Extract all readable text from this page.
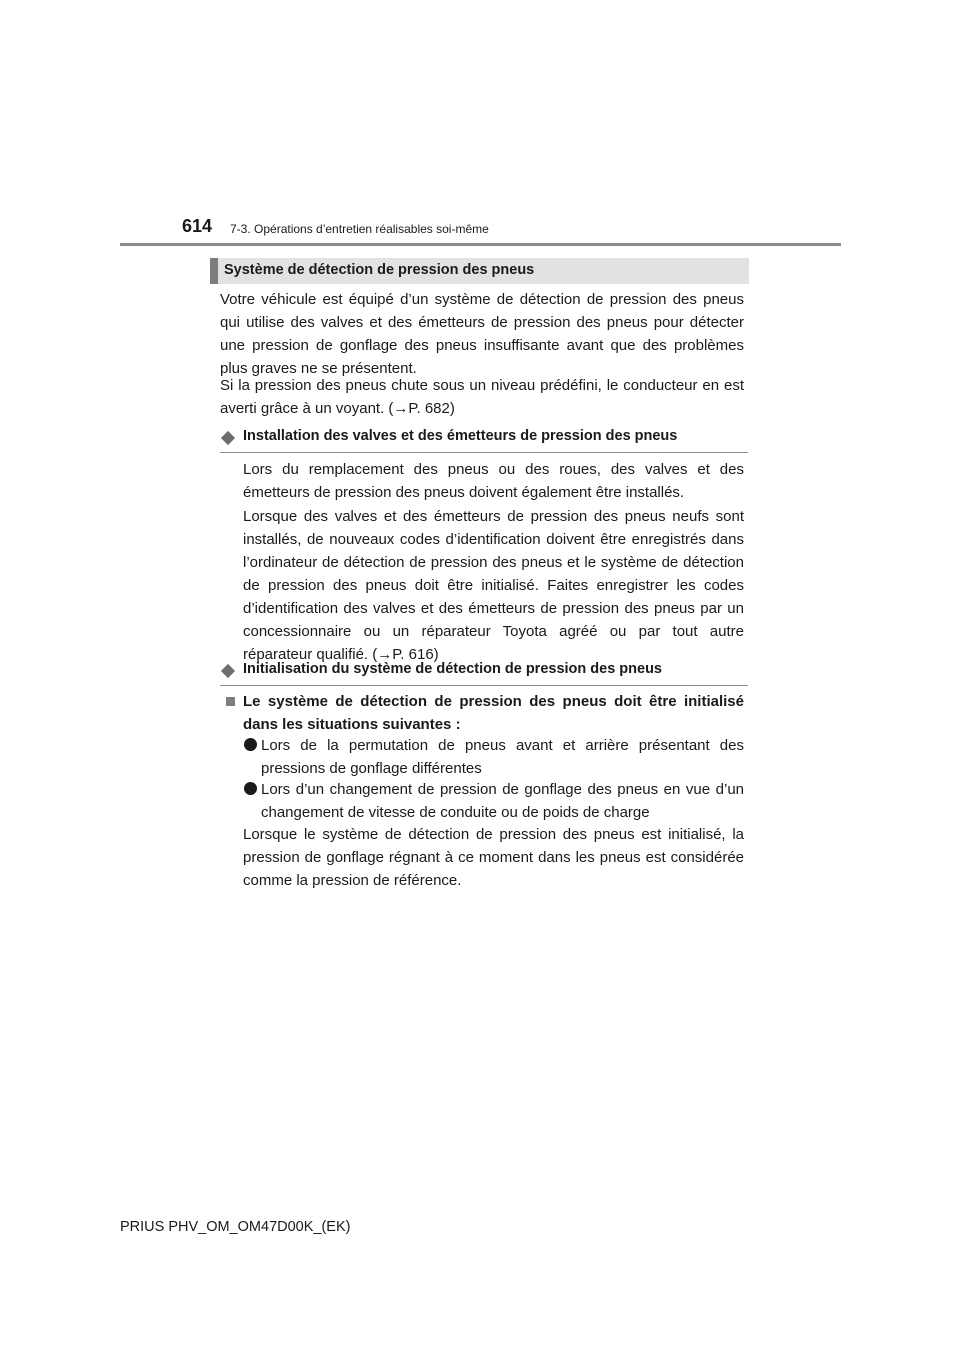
614 7-3. Opérations d’entretien réalisables soi-même
Système de détection de pression des pneus
Votre véhicule est équipé d’un système de détection de pression des pneus qui utilise des valves et des émetteurs de pression des pneus pour détecter une pression de gonflage des pneus insuffisante avant que des problèmes plus graves ne se présentent.
Si la pression des pneus chute sous un niveau prédéfini, le conducteur en est averti grâce à un voyant. (→P. 682)
Installation des valves et des émetteurs de pression des pneus
Lors du remplacement des pneus ou des roues, des valves et des émetteurs de pression des pneus doivent également être installés.
Lorsque des valves et des émetteurs de pression des pneus neufs sont installés, de nouveaux codes d’identification doivent être enregistrés dans l’ordinateur de détection de pression des pneus et le système de détection de pression des pneus doit être initialisé. Faites enregistrer les codes d’identification des valves et des émetteurs de pression des pneus par un concessionnaire ou un réparateur Toyota agréé ou par tout autre réparateur qualifié. (→P. 616)
Initialisation du système de détection de pression des pneus
Le système de détection de pression des pneus doit être initialisé dans les situations suivantes :
Lors de la permutation de pneus avant et arrière présentant des pressions de gonflage différentes
Lors d’un changement de pression de gonflage des pneus en vue d’un changement de vitesse de conduite ou de poids de charge
Lorsque le système de détection de pression des pneus est initialisé, la pression de gonflage régnant à ce moment dans les pneus est considérée comme la pression de référence.
PRIUS PHV_OM_OM47D00K_(EK)
